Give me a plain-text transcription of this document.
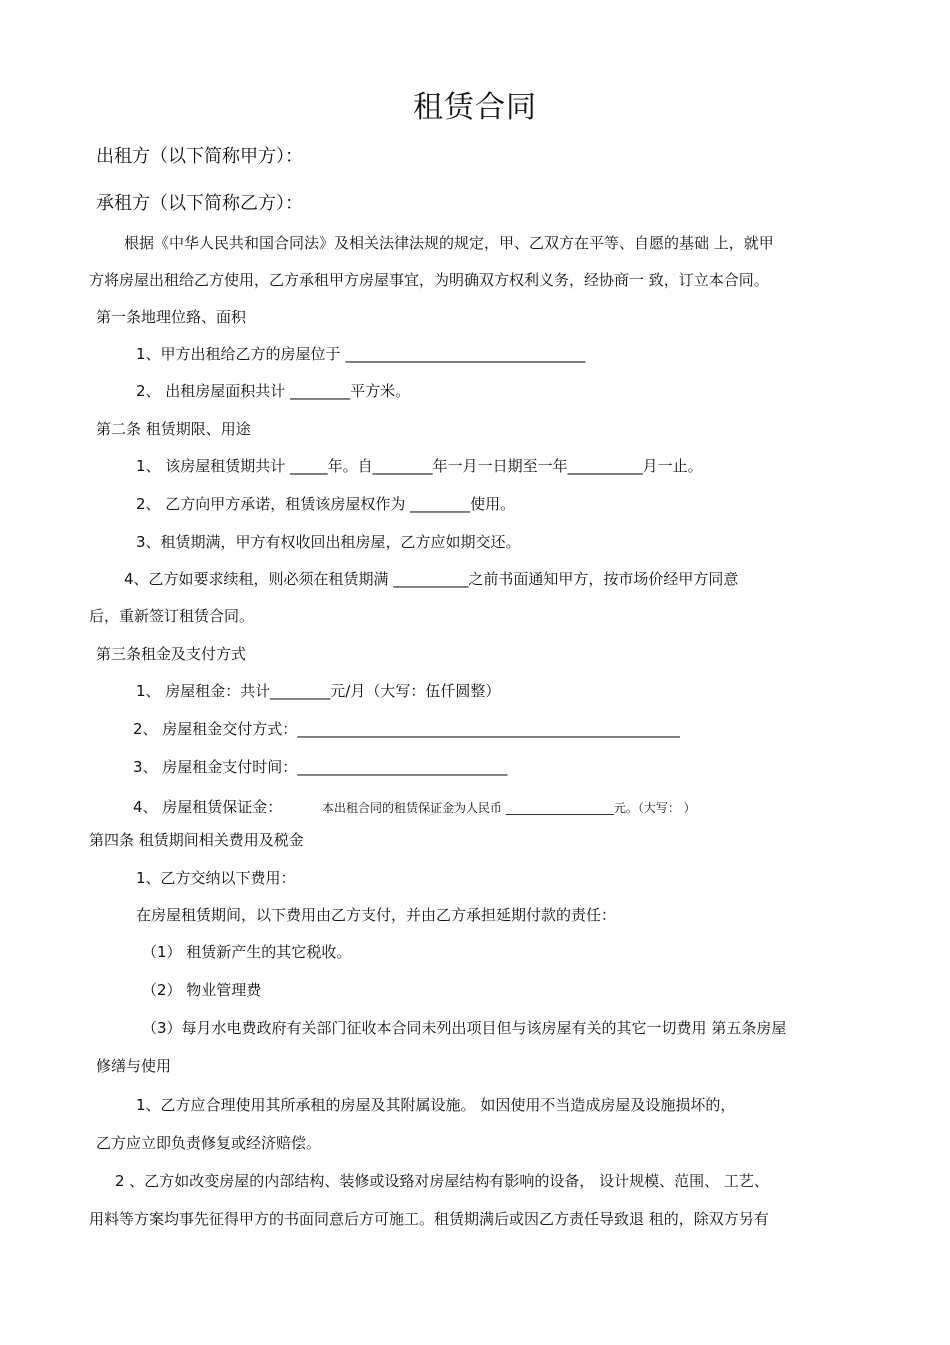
租赁合同
出租方（以下简称甲方）：
承租方（以下简称乙方）：
根据《中华人民共和国合同法》及相关法律法规的规定，甲、乙双方在平等、自愿的基础 上，就甲
方将房屋出租给乙方使用，乙方承租甲方房屋事宜，为明确双方权利义务，经协商一 致，订立本合同。
第一条地理位臵、面积
1、甲方出租给乙方的房屋位于 ________________________________
2、 出租房屋面积共计 ________平方米。
第二条 租赁期限、用途
1、 该房屋租赁期共计 _____年。自________年一月一日期至一年__________月一止。
2、 乙方向甲方承诺，租赁该房屋权作为 ________使用。
3、租赁期满，甲方有权收回出租房屋，乙方应如期交还。
4、乙方如要求续租，则必须在租赁期满 __________之前书面通知甲方，按市场价经甲方同意
后，重新签订租赁合同。
第三条租金及支付方式
1、 房屋租金：共计________元/月（大写：伍仟圆整）
2、 房屋租金交付方式：___________________________________________________
3、 房屋租金支付时间：____________________________
4、 房屋租赁保证金：	本出租合同的租赁保证金为人民币 __________________元。（大写： ）
第四条 租赁期间相关费用及税金
1、乙方交纳以下费用：
在房屋租赁期间，以下费用由乙方支付，并由乙方承担延期付款的责任：
（1） 租赁新产生的其它税收。
（2） 物业管理费
（3）每月水电费政府有关部门征收本合同未列出项目但与该房屋有关的其它一切费用 第五条房屋
修缮与使用
1、乙方应合理使用其所承租的房屋及其附属设施。 如因使用不当造成房屋及设施损坏的，
乙方应立即负责修复或经济赔偿。
2 、乙方如改变房屋的内部结构、装修或设臵对房屋结构有影响的设备， 设计规模、范围、 工艺、
用料等方案均事先征得甲方的书面同意后方可施工。租赁期满后或因乙方责任导致退 租的，除双方另有
